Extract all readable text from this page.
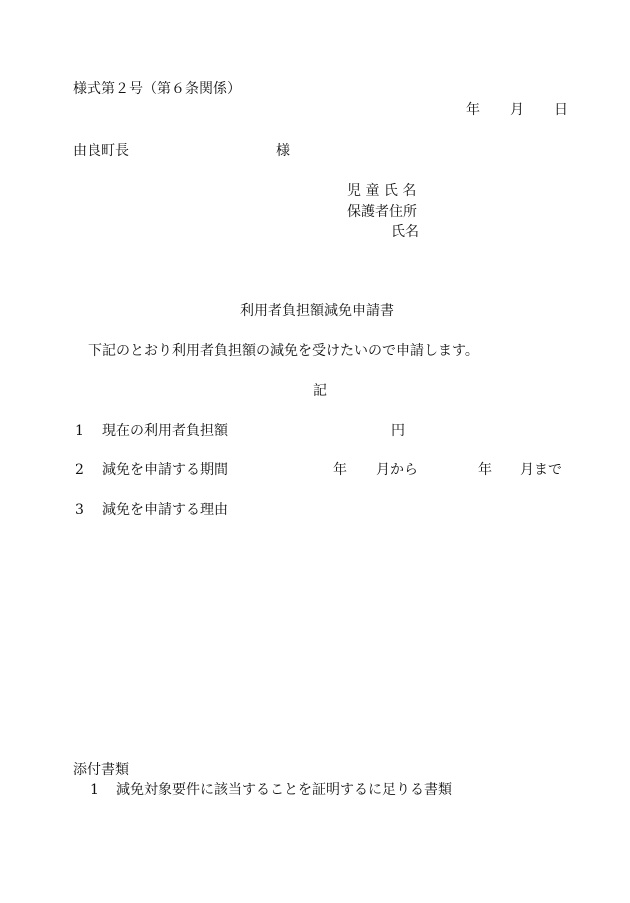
様式第２号（第６条関係）
年 月 日
由良町長	様
児 童 氏 名
保護者住所
氏名
利用者負担額減免申請書
下記のとおり利用者負担額の減免を受けたいので申請します。
記
1 現在の利用者負担額	円
2 減免を申請する期間	年 月から	年 月まで
3 減免を申請する理由
添付書類
1 減免対象要件に該当することを証明するに足りる書類
